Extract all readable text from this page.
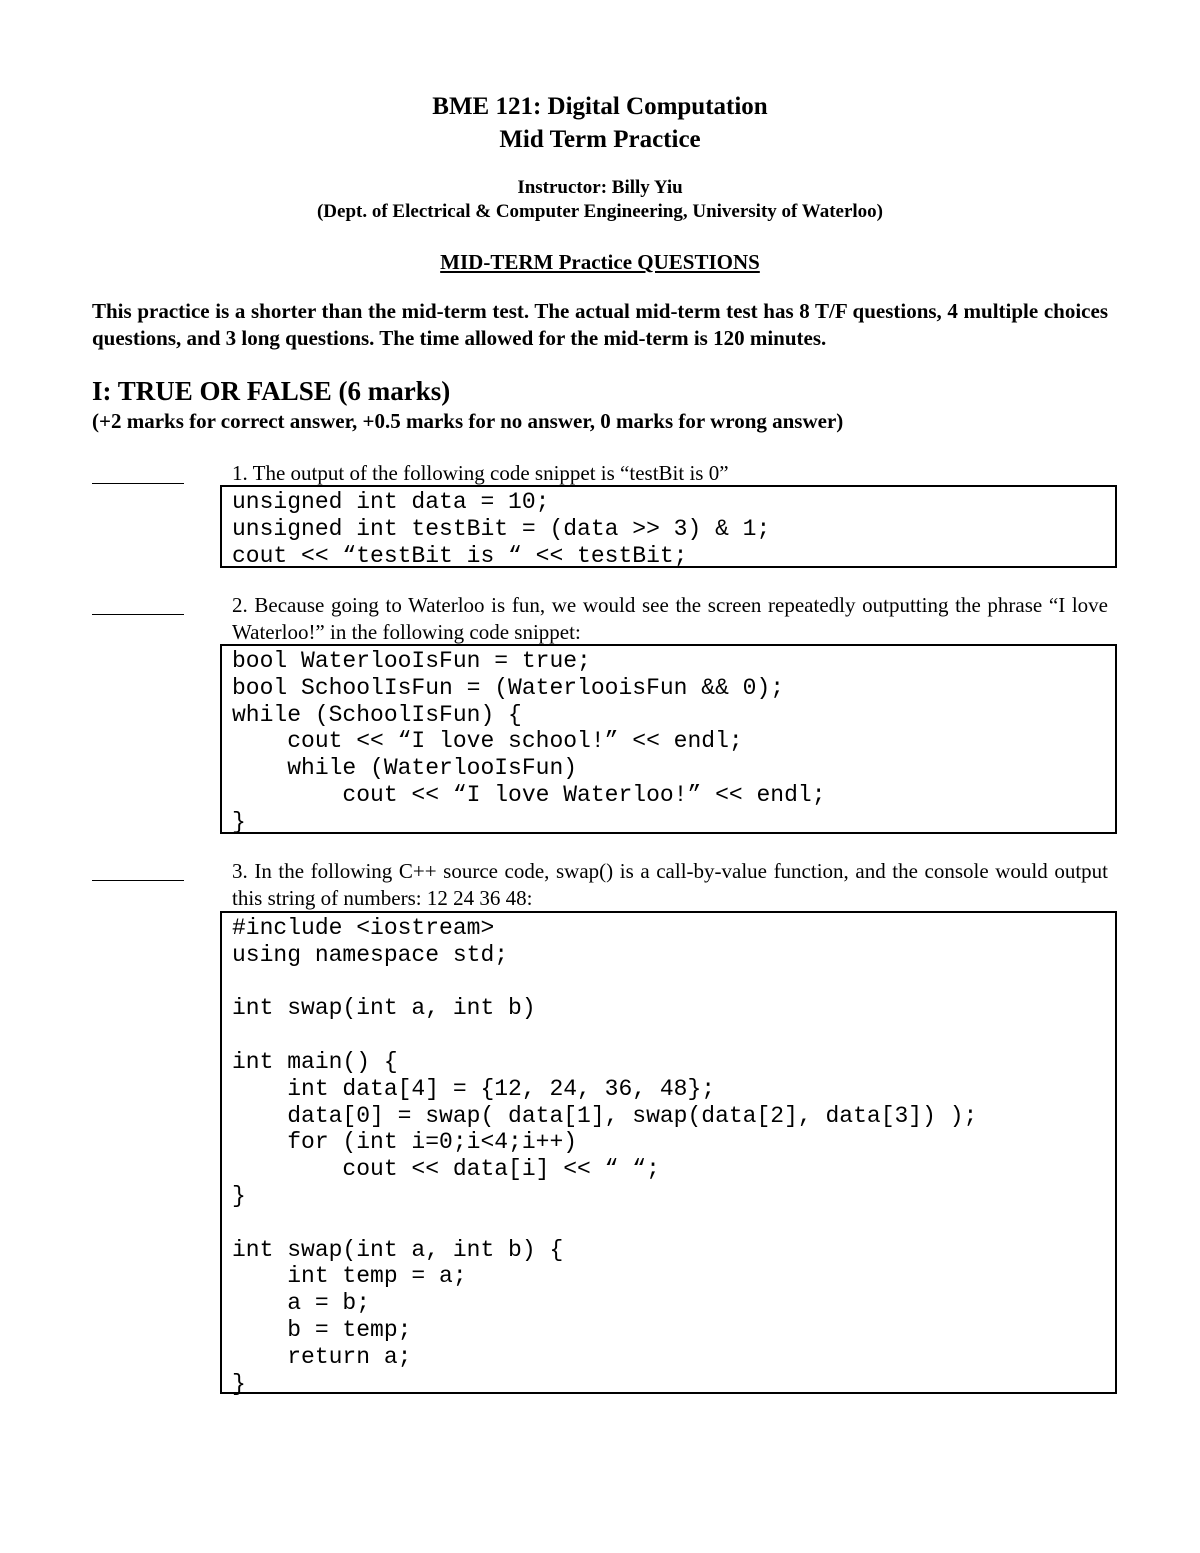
BME 121: Digital Computation
Mid Term Practice
Instructor: Billy Yiu
(Dept. of Electrical & Computer Engineering, University of Waterloo)
MID-TERM Practice QUESTIONS
This practice is a shorter than the mid-term test. The actual mid-term test has 8 T/F questions, 4 multiple choices questions, and 3 long questions. The time allowed for the mid-term is 120 minutes.
I: TRUE OR FALSE (6 marks)
(+2 marks for correct answer, +0.5 marks for no answer, 0 marks for wrong answer)
1. The output of the following code snippet is “testBit is 0”
unsigned int data = 10;
unsigned int testBit = (data >> 3) & 1;
cout << “testBit is “ << testBit;
2. Because going to Waterloo is fun, we would see the screen repeatedly outputting the phrase “I love Waterloo!” in the following code snippet:
bool WaterlooIsFun = true;
bool SchoolIsFun = (WaterlooisFun && 0);
while (SchoolIsFun) {
cout << “I love school!” << endl;
while (WaterlooIsFun)
cout << “I love Waterloo!” << endl;
}
3. In the following C++ source code, swap() is a call-by-value function, and the console would output this string of numbers: 12 24 36 48:
#include <iostream>
using namespace std;

int swap(int a, int b)

int main() {
int data[4] = {12, 24, 36, 48};
data[0] = swap( data[1], swap(data[2], data[3]) );
for (int i=0;i<4;i++)
cout << data[i] << “ “;
}

int swap(int a, int b) {
int temp = a;
a = b;
b = temp;
return a;
}
